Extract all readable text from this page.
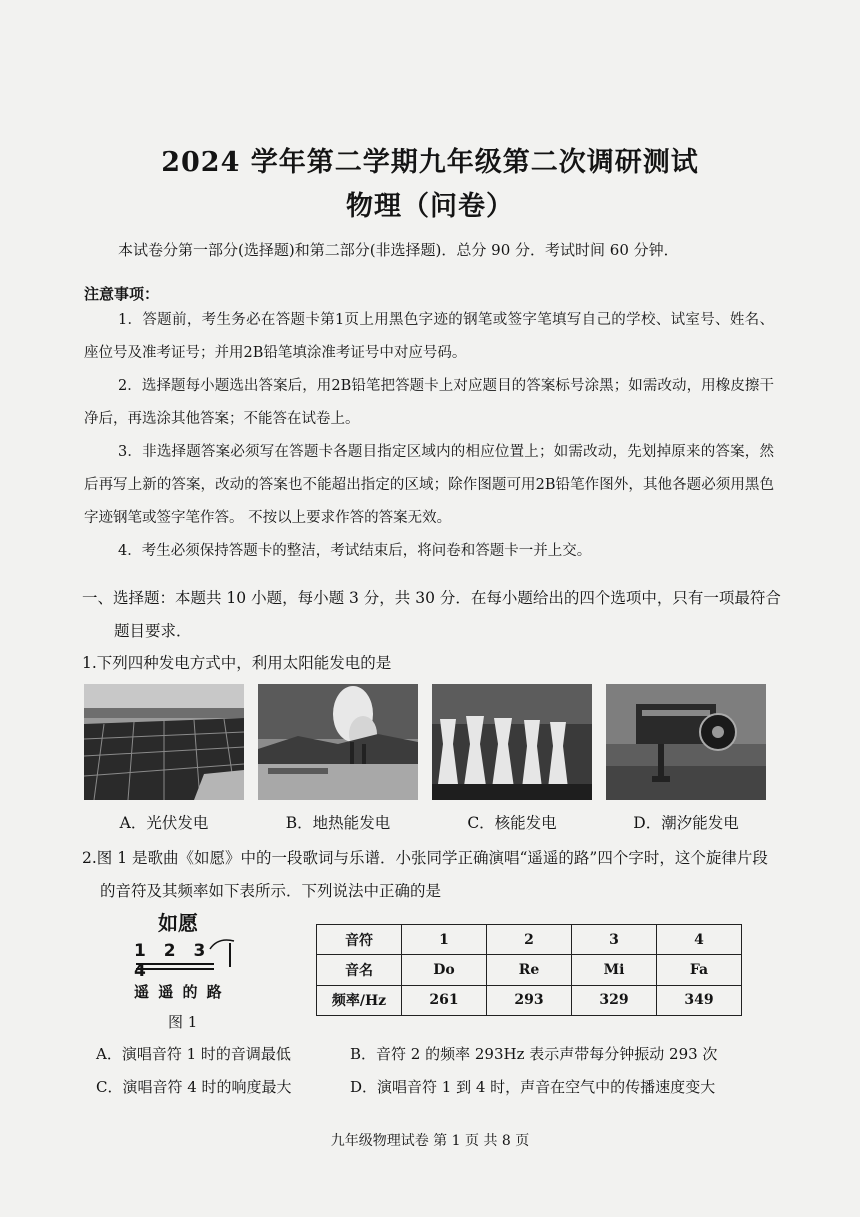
2024 学年第二学期九年级第二次调研测试
物理（问卷）
本试卷分第一部分(选择题)和第二部分(非选择题)．总分 90 分．考试时间 60 分钟．
注意事项：

1．答题前，考生务必在答题卡第1页上用黑色字迹的钢笔或签字笔填写自己的学校、试室号、姓名、座位号及准考证号；并用2B铅笔填涂准考证号中对应号码。

2．选择题每小题选出答案后，用2B铅笔把答题卡上对应题目的答案标号涂黑；如需改动，用橡皮擦干净后，再选涂其他答案；不能答在试卷上。

3．非选择题答案必须写在答题卡各题目指定区域内的相应位置上；如需改动，先划掉原来的答案，然后再写上新的答案，改动的答案也不能超出指定的区域；除作图题可用2B铅笔作图外，其他各题必须用黑色字迹钢笔或签字笔作答。 不按以上要求作答的答案无效。

4．考生必须保持答题卡的整洁，考试结束后，将问卷和答题卡一并上交。

一、选择题：本题共 10 小题，每小题 3 分，共 30 分．在每小题给出的四个选项中，只有一项最符合题目要求．
1.下列四种发电方式中，利用太阳能发电的是
A．光伏发电	B．地热能发电	C．核能发电	D．潮汐能发电
2.图 1 是歌曲《如愿》中的一段歌词与乐谱．小张同学正确演唱“遥遥的路”四个字时，这个旋律片段的音符及其频率如下表所示．下列说法中正确的是
如愿
1 2 3 4
遥 遥 的 路
图 1
音符	1	2	3	4
音名	Do	Re	Mi	Fa
频率/Hz	261	293	329	349
A．演唱音符 1 时的音调最低	B．音符 2 的频率 293Hz 表示声带每分钟振动 293 次
C．演唱音符 4 时的响度最大	D．演唱音符 1 到 4 时，声音在空气中的传播速度变大
九年级物理试卷 第 1 页 共 8 页
